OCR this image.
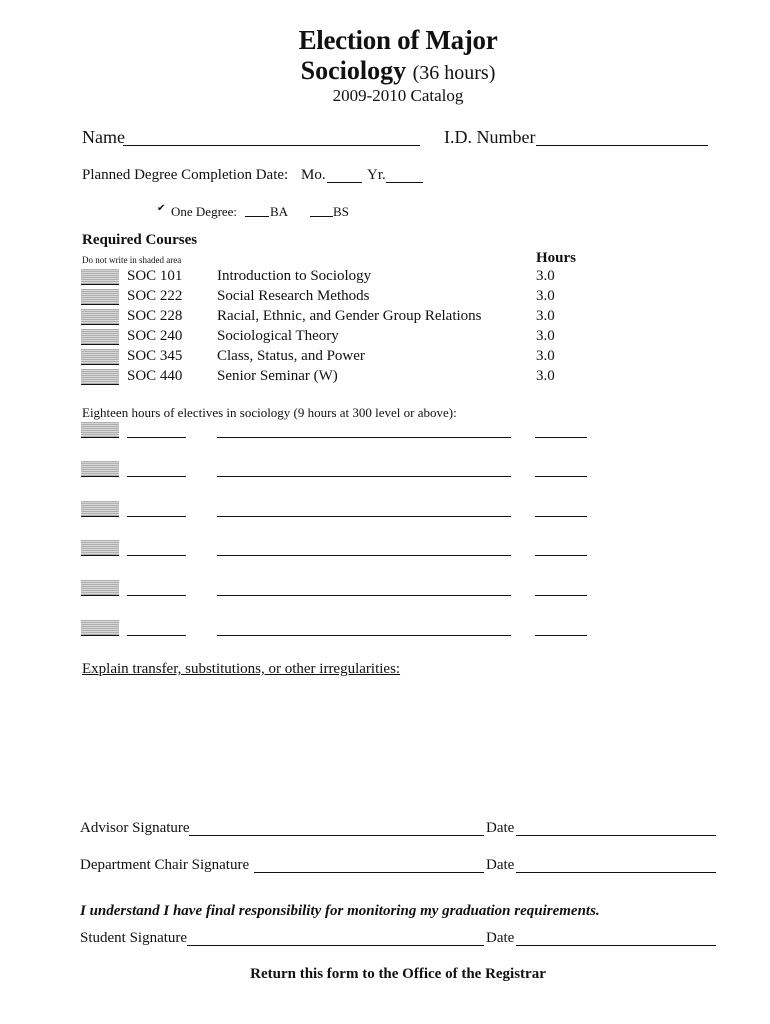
Election of Major
Sociology (36 hours)
2009-2010 Catalog
Name	I.D. Number
Planned Degree Completion Date: Mo.	Yr.
✔ One Degree:	BA	BS
Required Courses
Do not write in shaded area	Hours
SOC 101 Introduction to Sociology	3.0
SOC 222 Social Research Methods	3.0
SOC 228 Racial, Ethnic, and Gender Group Relations	3.0
SOC 240 Sociological Theory	3.0
SOC 345 Class, Status, and Power	3.0
SOC 440 Senior Seminar (W)	3.0
Eighteen hours of electives in sociology (9 hours at 300 level or above):
Explain transfer, substitutions, or other irregularities:
Advisor Signature	Date
Department Chair Signature	Date
I understand I have final responsibility for monitoring my graduation requirements.
Student Signature	Date
Return this form to the Office of the Registrar
